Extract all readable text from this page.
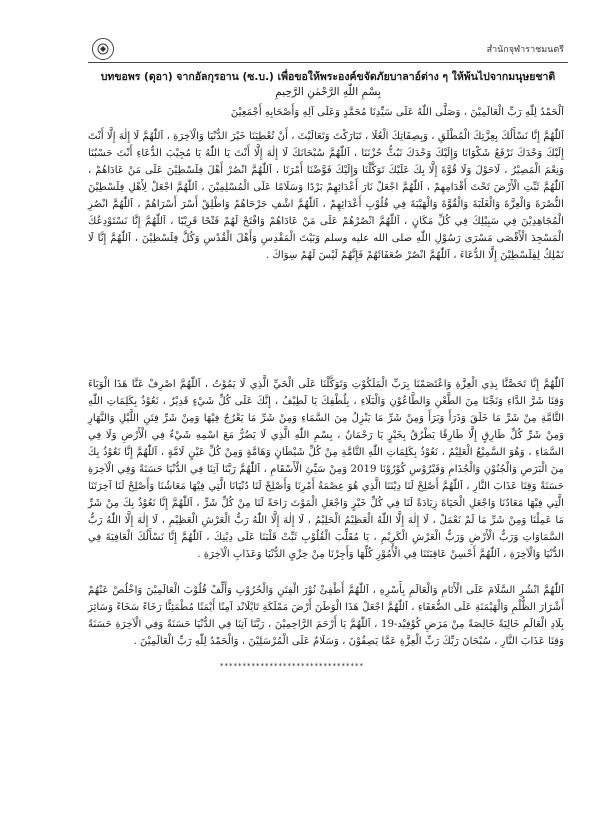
สำนักจุฬาราชมนตรี
บทขอพร (ดุอา) จากอัลกุรอาน (ซ.บ.) เพื่อขอให้พระองค์ขจัดภัยบาลาอ์ต่าง ๆ ให้พ้นไปจากมนุษยชาติ
بِسْمِ اللّٰهِ الرَّحْمٰنِ الرَّحِيمِ
اَلْحَمْدُ لِلّٰهِ رَبِّ الْعَالَمِيْنَ ، وَصَلَّى اللّٰهُ عَلَى سَيِّدِنَا مُحَمَّدٍ وَعَلَى آلِهِ وَأَصْحَابِهِ أَجْمَعِيْنَ
اَللّٰهُمَّ إِنَّا نَسْأَلُكَ بِعِزَّتِكَ الْمُطْلَقِ ، وَبِصِفَاتِكَ الْعُلَا ، تَبَارَكْتَ وَتَعَالَيْتَ ، أَنْ تُعْطِيَنَا خَيْرَ الدُّنْيَا وَالْآخِرَةِ ، اَللّٰهُمَّ لَا إِلٰهَ إِلَّا أَنْتَ إِلَيْكَ وَحْدَكَ نَرْفَعُ شَكْوَانَا وَإِلَيْكَ وَحْدَكَ نَبُثُّ حُزْنَنَا ، اَللّٰهُمَّ سُبْحَانَكَ لَا إِلٰهَ إِلَّا أَنْتَ يَا اللّٰهُ يَا مُجِيْبَ الدُّعَاءِ أَنْتَ حَسْبُنَا وَنِعْمَ الْمَصِيْرُ ، لَاحَوْلَ وَلَا قُوَّةَ إِلَّا بِكَ عَلَيْكَ تَوَكَّلْنَا وَإِلَيْكَ فَوَّضْنَا أَمْرَنَا ، اَللّٰهُمَّ انْصُرْ أَهْلَ فِلَسْطِيْنَ عَلَى مَنْ عَادَاهُمْ ، اَللّٰهُمَّ ثَبِّتِ الْأَرْضَ تَحْتَ أَقْدَامِهِمْ ، اَللّٰهُمَّ اجْعَلْ نَارَ أَعْدَائِهِمْ بَرْدًا وَسَلَامًا عَلَى الْمُسْلِمِيْنَ ، اَللّٰهُمَّ اجْعَلْ لِأَهْلِ فِلَسْطِيْنَ النُّصْرَةَ وَالْعِزَّةَ وَالْغَلَبَةَ وَالْقُوَّةَ وَالْهَيْبَةَ فِي قُلُوْبِ أَعْدَائِهِمْ ، اَللّٰهُمَّ اشْفِ جَرْحَاهُمْ وَاطْلِقْ أَسْرَ أَسْرَاهُمْ ، اَللّٰهُمَّ انْصُرِ الْمُجَاهِدِيْنَ فِي سَبِيْلِكَ فِي كُلِّ مَكَانٍ ، اَللّٰهُمَّ انْصُرْهُمْ عَلَى مَنْ عَادَاهُمْ وَافْتَحْ لَهُمْ فَتْحًا قَرِيْبًا ، اَللّٰهُمَّ إِنَّا نَسْتَوْدِعُكَ الْمَسْجِدَ الْأَقْصَى مَسْرَى رَسُوْلِ اللّٰهِ صلى الله عليه وسلم وَبَيْتَ الْمَقْدِسِ وَأَهْلَ الْقُدْسِ وَكُلَّ فِلَسْطِيْنَ ، اَللّٰهُمَّ إِنَّا لَا نَمْلِكُ لِفِلَسْطِيْنَ إِلَّا الدُّعَاءَ ، اَللّٰهُمَّ انْصُرْ ضُعَفَائَهُمْ فَإِنَّهُمْ لَيْسَ لَهُمْ سِوَاكَ .
اَللّٰهُمَّ إِنَّا تَحَصَّنَّا بِذِي الْعِزَّةِ وَاعْتَصَمْنَا بِرَبِّ الْمَلَكُوْتِ وَتَوَكَّلْنَا عَلَى الْحَيِّ الَّذِي لَا يَمُوْتُ ، اَللّٰهُمَّ اصْرِفْ عَنَّا هَذَا الْوَبَاءَ وَقِنَا شَرَّ الدَّاءِ وَنَجِّنَا مِنَ الطَّعْنِ وَالطَّاعُوْنِ وَالْبَلَاءِ ، بِلُطْفِكَ يَا لَطِيْفُ ، إِنَّكَ عَلَى كُلِّ شَيْءٍ قَدِيْرٌ ، نَعُوْذُ بِكَلِمَاتِ اللّٰهِ التَّامَّةِ مِنْ شَرِّ مَا خَلَقَ وَذَرَأَ وَبَرَأَ وَمِنْ شَرِّ مَا يَنْزِلُ مِنَ السَّمَاءِ وَمِنْ شَرِّ مَا يَعْرُجُ فِيْهَا وَمِنْ شَرِّ فِتَنِ اللَّيْلِ وَالنَّهَارِ وَمِنْ شَرِّ كُلِّ طَارِقٍ إِلَّا طَارِقًا يَطْرُقُ بِخَيْرٍ يَا رَحْمَانُ ، بِسْمِ اللّٰهِ الَّذِي لَا يَضُرُّ مَعَ اسْمِهِ شَيْءٌ فِي الْأَرْضِ وَلَا فِي السَّمَاءِ ، وَهُوَ السَّمِيْعُ الْعَلِيْمُ ، نَعُوْذُ بِكَلِمَاتِ اللّٰهِ التَّامَّةِ مِنْ كُلِّ شَيْطَانٍ وَهَامَّةٍ وَمِنْ كُلِّ عَيْنٍ لَامَّةٍ ، اَللّٰهُمَّ إِنَّا نَعُوْذُ بِكَ مِنَ الْبَرَصِ وَالْجُنُوْنِ وَالْجُذَامِ وَفَيْرُوْسِ كُوْرُوْنَا 2019 وَمِنْ سَيِّئِ الْأَسْقَامِ ، اَللّٰهُمَّ رَبَّنَا آتِنَا فِي الدُّنْيَا حَسَنَةً وَفِي الْآخِرَةِ حَسَنَةً وَقِنَا عَذَابَ النَّارِ ، اَللّٰهُمَّ أَصْلِحْ لَنَا دِيْنَنَا الَّذِي هُوَ عِصْمَةُ أَمْرِنَا وَأَصْلِحْ لَنَا دُنْيَانَا الَّتِي فِيْهَا مَعَاشُنَا وَأَصْلِحْ لَنَا آخِرَتَنَا الَّتِي فِيْهَا مَعَادُنَا وَاجْعَلِ الْحَيَاةَ زِيَادَةً لَنَا فِي كُلِّ خَيْرٍ وَاجْعَلِ الْمَوْتَ رَاحَةً لَنَا مِنْ كُلِّ شَرٍّ ، اَللّٰهُمَّ إِنَّا نَعُوْذُ بِكَ مِنْ شَرِّ مَا عَمِلْنَا وَمِنْ شَرِّ مَا لَمْ نَعْمَلْ ، لَا إِلٰهَ إِلَّا اللّٰهُ الْعَظِيْمُ الْحَلِيْمُ ، لَا إِلٰهَ إِلَّا اللّٰهُ رَبُّ الْعَرْشِ الْعَظِيْمِ ، لَا إِلٰهَ إِلَّا اللّٰهُ رَبُّ السَّمَاوَاتِ وَرَبُّ الْأَرْضِ وَرَبُّ الْعَرْشِ الْكَرِيْمِ ، يَا مُقَلِّبَ الْقُلُوْبِ ثَبِّتْ قَلْبَنَا عَلَى دِيْنِكَ ، اَللّٰهُمَّ إِنَّا نَسْأَلُكَ الْعَافِيَةَ فِي الدُّنْيَا وَالْآخِرَةِ ، اَللّٰهُمَّ أَحْسِنْ عَاقِبَتَنَا فِي الْأُمُوْرِ كُلِّهَا وَأَجِرْنَا مِنْ خِزْيِ الدُّنْيَا وَعَذَابِ الْآخِرَةِ .
اَللّٰهُمَّ انْشُرِ السَّلَامَ عَلَى الْأَنَامِ وَالْعَالَمِ بِأَسْرِهِ ، اَللّٰهُمَّ أَطْفِئْ نُوْرَ الْفِتَنِ وَالْحُرُوْبِ وَأَلِّفْ قُلُوْبَ الْعَالَمِيْنَ وَاخْلُصْ عَنْهُمْ أَشْرَارَ الظُّلْمِ وَالْهَيْمَنَةِ عَلَى الضُّعَفَاءِ ، اَللّٰهُمَّ اجْعَلْ هَذَا الْوَطَنَ أَرْضَ مَمْلَكَةِ تَايْلَانْد آمِنًا أَيْمَنًا مُطْمَئِنًّا رَخَاءً سَخَاءً وَسَائِرَ بِلَادِ الْعَالَمِ خَالِيَةً خَالِصَةً مِنْ مَرَضِ كُوْفِيْد-19 ، اَللّٰهُمَّ يَا أَرْحَمَ الرَّاحِمِيْنَ ، رَبَّنَا آتِنَا فِي الدُّنْيَا حَسَنَةً وَفِي الْآخِرَةِ حَسَنَةً وَقِنَا عَذَابَ النَّارِ ، سُبْحَانَ رَبِّكَ رَبِّ الْعِزَّةِ عَمَّا يَصِفُوْنَ ، وَسَلَامٌ عَلَى الْمُرْسَلِيْنَ ، وَالْحَمْدُ لِلّٰهِ رَبِّ الْعَالَمِيْنَ .
********************************
